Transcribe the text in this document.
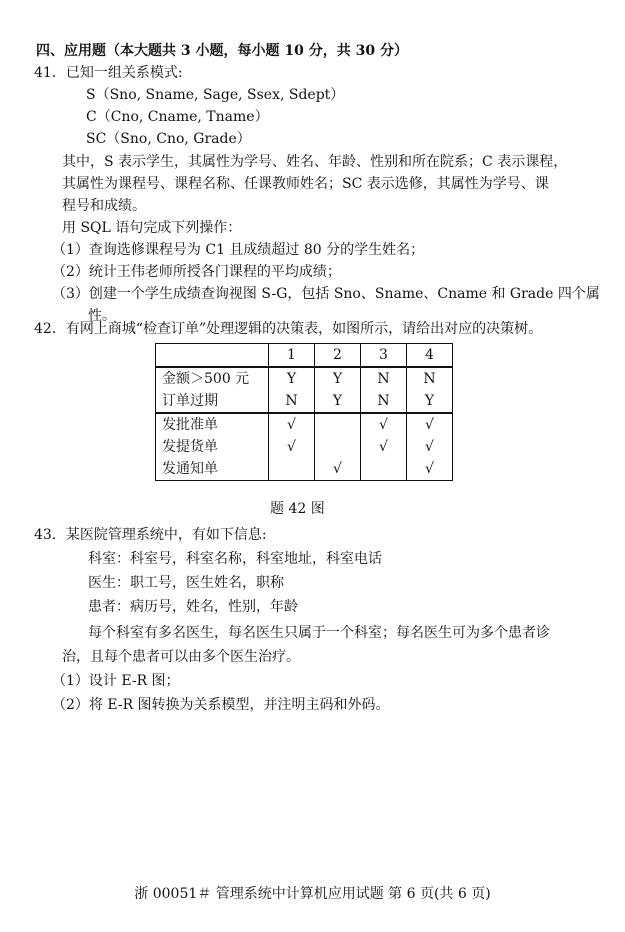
四、应用题（本大题共 3 小题，每小题 10 分，共 30 分）
41．已知一组关系模式:
S（Sno, Sname, Sage, Ssex, Sdept）
C（Cno, Cname, Tname）
SC（Sno, Cno, Grade）
其中，S 表示学生，其属性为学号、姓名、年龄、性别和所在院系；C 表示课程，
其属性为课程号、课程名称、任课教师姓名；SC 表示选修，其属性为学号、课
程号和成绩。
用 SQL 语句完成下列操作：
（1）查询选修课程号为 C1 且成绩超过 80 分的学生姓名；
（2）统计王伟老师所授各门课程的平均成绩；
（3）创建一个学生成绩查询视图 S-G，包括 Sno、Sname、Cname 和 Grade 四个属
性。
42．有网上商城“检查订单”处理逻辑的决策表，如图所示，请给出对应的决策树。
	1	2	3	4
金额＞500 元	Y	Y	N	N
订单过期	N	Y	N	Y
发批准单	√		√	√
发提货单	√		√	√
发通知单		√		√
题 42 图
43．某医院管理系统中，有如下信息:
科室：科室号，科室名称，科室地址，科室电话
医生：职工号，医生姓名，职称
患者：病历号，姓名，性别，年龄
每个科室有多名医生，每名医生只属于一个科室；每名医生可为多个患者诊
治，且每个患者可以由多个医生治疗。
（1）设计 E-R 图；
（2）将 E-R 图转换为关系模型，并注明主码和外码。
浙 00051＃ 管理系统中计算机应用试题 第 6 页(共 6 页)
